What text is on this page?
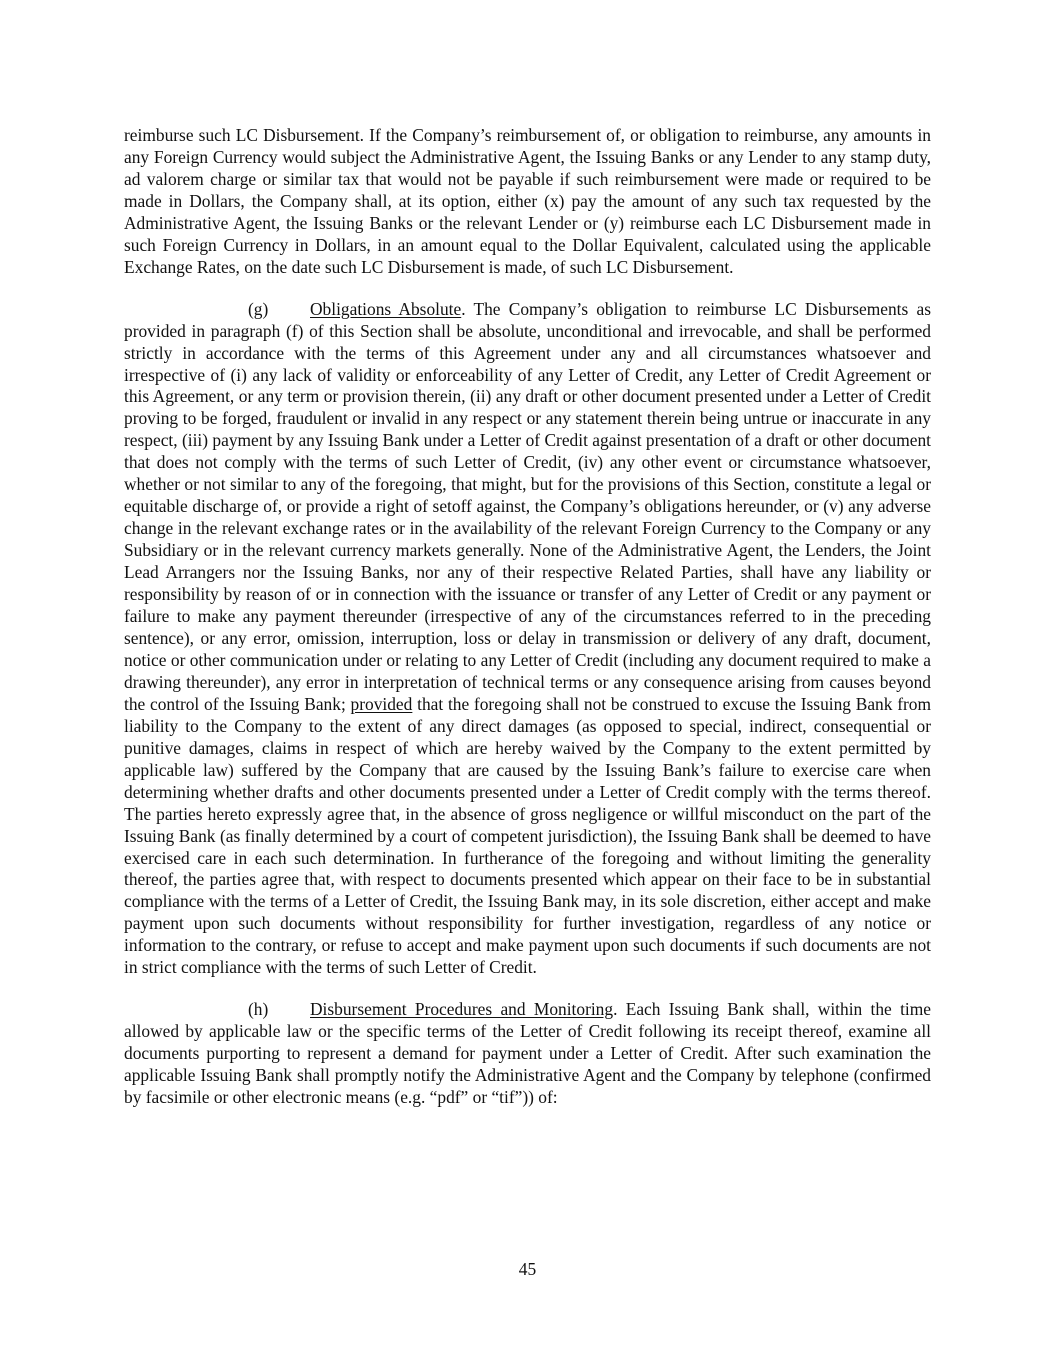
reimburse such LC Disbursement. If the Company’s reimbursement of, or obligation to reimburse, any amounts in any Foreign Currency would subject the Administrative Agent, the Issuing Banks or any Lender to any stamp duty, ad valorem charge or similar tax that would not be payable if such reimbursement were made or required to be made in Dollars, the Company shall, at its option, either (x) pay the amount of any such tax requested by the Administrative Agent, the Issuing Banks or the relevant Lender or (y) reimburse each LC Disbursement made in such Foreign Currency in Dollars, in an amount equal to the Dollar Equivalent, calculated using the applicable Exchange Rates, on the date such LC Disbursement is made, of such LC Disbursement.

(g) Obligations Absolute. The Company’s obligation to reimburse LC Disbursements as provided in paragraph (f) of this Section shall be absolute, unconditional and irrevocable, and shall be performed strictly in accordance with the terms of this Agreement under any and all circumstances whatsoever and irrespective of (i) any lack of validity or enforceability of any Letter of Credit, any Letter of Credit Agreement or this Agreement, or any term or provision therein, (ii) any draft or other document presented under a Letter of Credit proving to be forged, fraudulent or invalid in any respect or any statement therein being untrue or inaccurate in any respect, (iii) payment by any Issuing Bank under a Letter of Credit against presentation of a draft or other document that does not comply with the terms of such Letter of Credit, (iv) any other event or circumstance whatsoever, whether or not similar to any of the foregoing, that might, but for the provisions of this Section, constitute a legal or equitable discharge of, or provide a right of setoff against, the Company’s obligations hereunder, or (v) any adverse change in the relevant exchange rates or in the availability of the relevant Foreign Currency to the Company or any Subsidiary or in the relevant currency markets generally. None of the Administrative Agent, the Lenders, the Joint Lead Arrangers nor the Issuing Banks, nor any of their respective Related Parties, shall have any liability or responsibility by reason of or in connection with the issuance or transfer of any Letter of Credit or any payment or failure to make any payment thereunder (irrespective of any of the circumstances referred to in the preceding sentence), or any error, omission, interruption, loss or delay in transmission or delivery of any draft, document, notice or other communication under or relating to any Letter of Credit (including any document required to make a drawing thereunder), any error in interpretation of technical terms or any consequence arising from causes beyond the control of the Issuing Bank; provided that the foregoing shall not be construed to excuse the Issuing Bank from liability to the Company to the extent of any direct damages (as opposed to special, indirect, consequential or punitive damages, claims in respect of which are hereby waived by the Company to the extent permitted by applicable law) suffered by the Company that are caused by the Issuing Bank’s failure to exercise care when determining whether drafts and other documents presented under a Letter of Credit comply with the terms thereof. The parties hereto expressly agree that, in the absence of gross negligence or willful misconduct on the part of the Issuing Bank (as finally determined by a court of competent jurisdiction), the Issuing Bank shall be deemed to have exercised care in each such determination. In furtherance of the foregoing and without limiting the generality thereof, the parties agree that, with respect to documents presented which appear on their face to be in substantial compliance with the terms of a Letter of Credit, the Issuing Bank may, in its sole discretion, either accept and make payment upon such documents without responsibility for further investigation, regardless of any notice or information to the contrary, or refuse to accept and make payment upon such documents if such documents are not in strict compliance with the terms of such Letter of Credit.

(h) Disbursement Procedures and Monitoring. Each Issuing Bank shall, within the time allowed by applicable law or the specific terms of the Letter of Credit following its receipt thereof, examine all documents purporting to represent a demand for payment under a Letter of Credit. After such examination the applicable Issuing Bank shall promptly notify the Administrative Agent and the Company by telephone (confirmed by facsimile or other electronic means (e.g. “pdf” or “tif”)) of:

45
